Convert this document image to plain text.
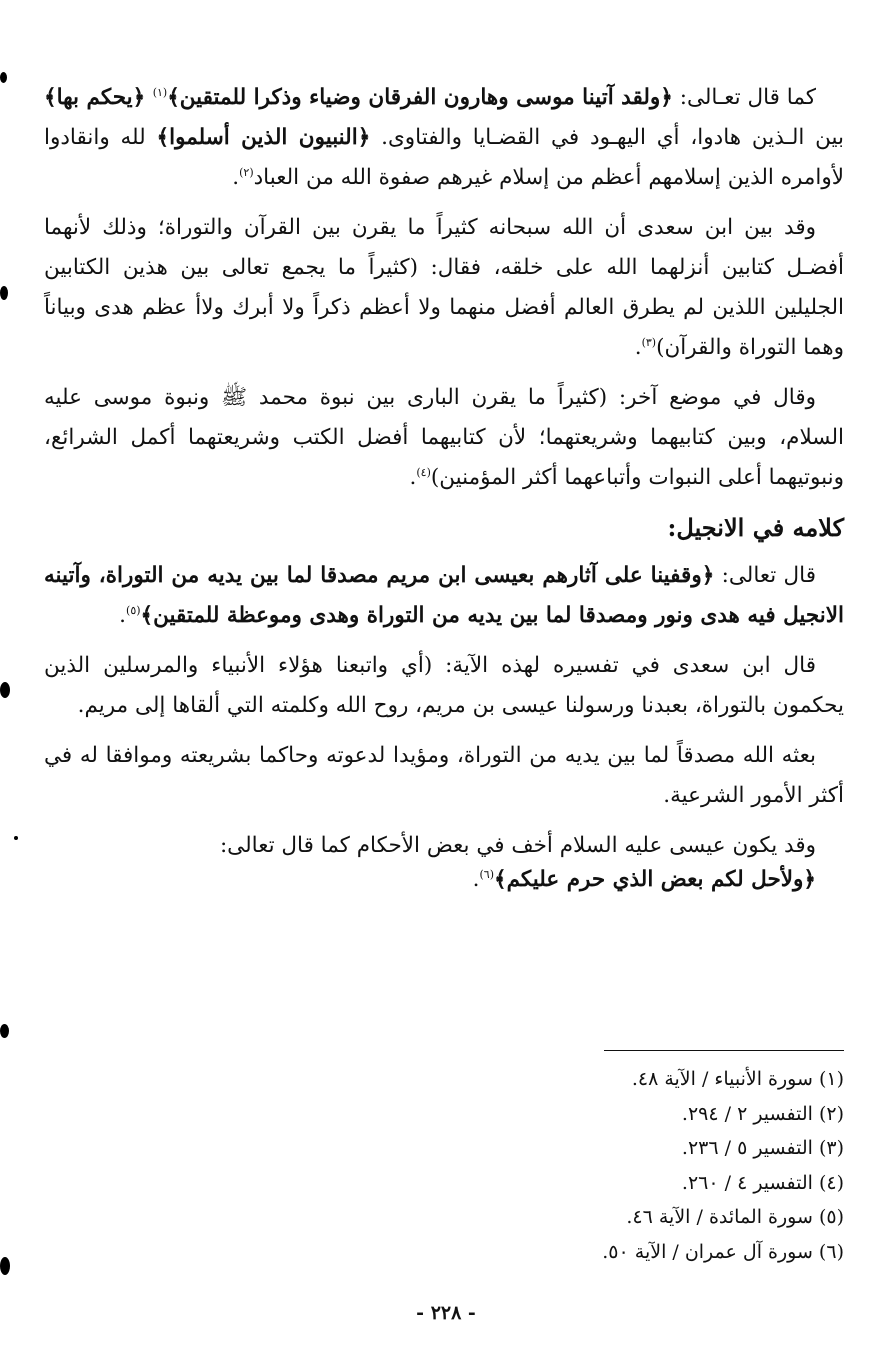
كما قال تعـالى: ﴿ولقد آتينا موسى وهارون الفرقان وضياء وذكرا للمتقين﴾$^{(١)}$ ﴿يحكم بها﴾ بين الـذين هادوا، أي اليهـود في القضـايا والفتاوى. ﴿النبيون الذين أسلموا﴾ لله وانقادوا لأوامره الذين إسلامهم أعظم من إسلام غيرهم صفوة الله من العباد$^{(٢)}$.

وقد بين ابن سعدى أن الله سبحانه كثيراً ما يقرن بين القرآن والتوراة؛ وذلك لأنهما أفضـل كتابين أنزلهما الله على خلقه، فقال: (كثيراً ما يجمع تعالى بين هذين الكتابين الجليلين اللذين لم يطرق العالم أفضل منهما ولا أعظم ذكراً ولا أبرك ولاأ عظم هدى وبياناً وهما التوراة والقرآن)$^{(٣)}$.

وقال في موضع آخر: (كثيراً ما يقرن البارى بين نبوة محمد ﷺ ونبوة موسى عليه السلام، وبين كتابيهما وشريعتهما؛ لأن كتابيهما أفضل الكتب وشريعتهما أكمل الشرائع، ونبوتيهما أعلى النبوات وأتباعهما أكثر المؤمنين)$^{(٤)}$.

كلامه في الانجيل:

قال تعالى: ﴿وقفينا على آثارهم بعيسى ابن مريم مصدقا لما بين يديه من التوراة، وآتينه الانجيل فيه هدى ونور ومصدقا لما بين يديه من التوراة وهدى وموعظة للمتقين﴾$^{(٥)}$.

قال ابن سعدى في تفسيره لهذه الآية: (أي واتبعنا هؤلاء الأنبياء والمرسلين الذين يحكمون بالتوراة، بعبدنا ورسولنا عيسى بن مريم، روح الله وكلمته التي ألقاها إلى مريم.

بعثه الله مصدقاً لما بين يديه من التوراة، ومؤيدا لدعوته وحاكما بشريعته وموافقا له في أكثر الأمور الشرعية.

وقد يكون عيسى عليه السلام أخف في بعض الأحكام كما قال تعالى:

﴿ولأحل لكم بعض الذي حرم عليكم﴾$^{(٦)}$.

(١) سورة الأنبياء / الآية ٤٨.
(٢) التفسير ٢ / ٢٩٤.
(٣) التفسير ٥ / ٢٣٦.
(٤) التفسير ٤ / ٢٦٠.
(٥) سورة المائدة / الآية ٤٦.
(٦) سورة آل عمران / الآية ٥٠.
- ٢٢٨ -
